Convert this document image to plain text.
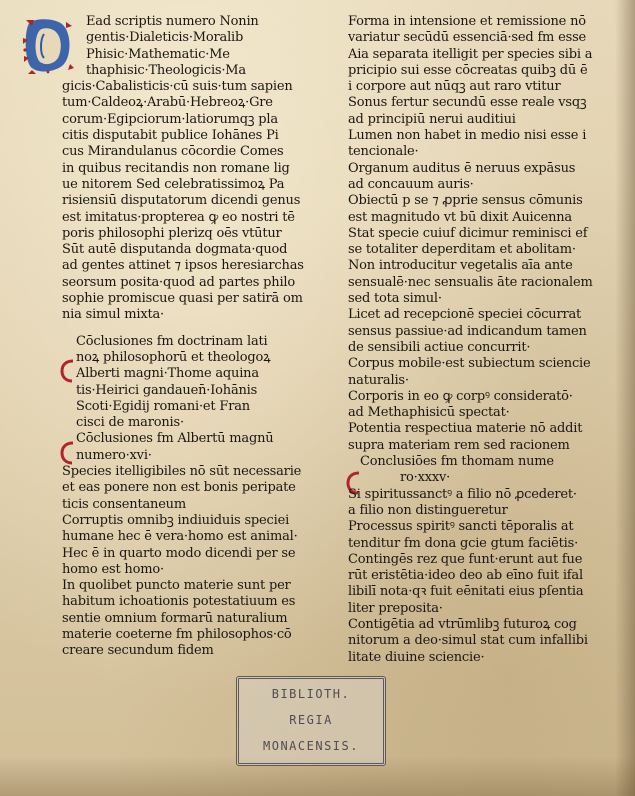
Ead scriptis numero Nonin
gentis·Dialeticis·Moralib
Phisic·Mathematic·Me
thaphisic·Theologicis·Ma
gicis·Cabalisticis·cū suis·tum sapien
tum·Caldeoꝝ·Arabū·Hebreoꝝ·Gre
corum·Egipciorum·latiorumqꝫ pla
citis disputabit publice Iohānes Pi
cus Mirandulanus cōcordie Comes
in quibus recitandis non romane lig
ue nitorem Sed celebratissimoꝝ Pa
risiensiū disputatorum dicendi genus
est imitatus·propterea ꝙ eo nostri tē
poris philosophi plerizq oēs vtūtur
Sūt autē disputanda dogmata·quod
ad gentes attinet ⁊ ipsos heresiarchas
seorsum posita·quod ad partes philo
sophie promiscue quasi per satirā om
nia simul mixta·
Cōclusiones fm doctrinam lati
noꝝ philosophorū et theologoꝝ
Alberti magni·Thome aquina
tis·Heirici gandauen̄·Iohānis
Scoti·Egidij romani·et Fran
cisci de maronis·
Cōclusiones fm Albertū magnū
numero·xvi·
Species itelligibiles nō sūt necessarie
et eas ponere non est bonis peripate
ticis consentaneum
Corruptis omnibꝫ indiuiduis speciei
humane hec ē vera·homo est animal·
Hec ē in quarto modo dicendi per se
homo est homo·
In quolibet puncto materie sunt per
habitum ichoationis potestatiuum es
sentie omnium formarū naturalium
materie coeterne fm philosophos·cō
creare secundum fidem
Forma in intensione et remissione nō
variatur secūdū essenciā·sed fm esse
Aia separata itelligit per species sibi a
pricipio sui esse cōcreatas quibꝫ dū ē
i corpore aut nūqꝫ aut raro vtitur
Sonus fertur secundū esse reale vsqꝫ
ad principiū nerui auditiui
Lumen non habet in medio nisi esse i
tencionale·
Organum auditus ē neruus expāsus
ad concauum auris·
Obiectū p se ⁊ ꝓprie sensus cōmunis
est magnitudo vt bū dixit Auicenna
Stat specie cuiuf dicimur reminisci ef
se totaliter deperditam et abolitam·
Non introducitur vegetalis aīa ante
sensualē·nec sensualis āte racionalem
sed tota simul·
Licet ad recepcionē speciei cōcurrat
sensus passiue·ad indicandum tamen
de sensibili actiue concurrit·
Corpus mobile·est subiectum sciencie
naturalis·
Corporis in eo ꝙ corpꝰ consideratō·
ad Methaphisicū spectat·
Potentia respectiua materie nō addit
supra materiam rem sed racionem
Conclusiōes fm thomam nume
ro·xxxv·
Si spiritussanctꝰ a filio nō ꝓcederet·
a filio non distingueretur
Processus spiritꝰ sancti tēporalis at
tenditur fm dona gcie gtum faciētis·
Contingēs rez que funt·erunt aut fue
rūt eristētia·ideo deo ab eīno fuit ifal
libilī nota·qꝛ fuit eēnitati eius pſentia
liter preposita·
Contigētia ad vtrūmlibꝫ futuroꝝ cog
nitorum a deo·simul stat cum infallibi
litate diuine sciencie·
BIBLIOTH.
REGIA
MONACENSIS.
